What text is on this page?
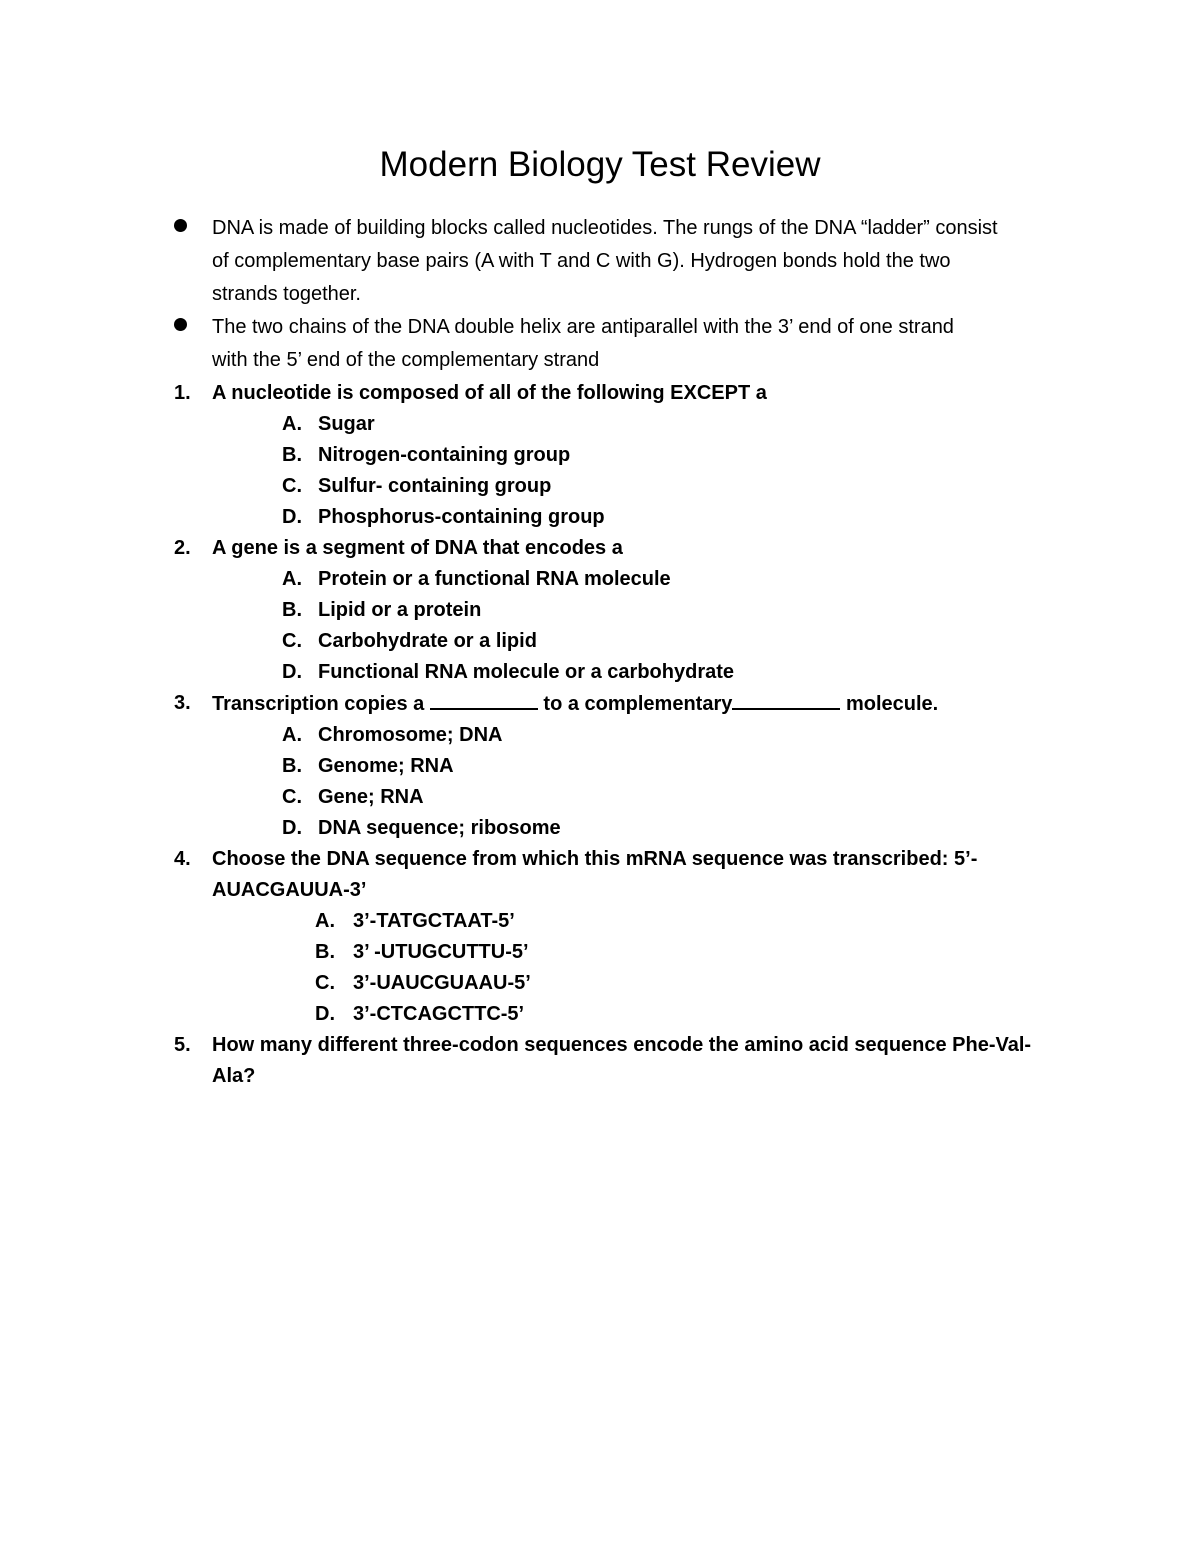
Modern Biology Test Review
DNA is made of building blocks called nucleotides. The rungs of the DNA “ladder” consist
of complementary base pairs (A with T and C with G). Hydrogen bonds hold the two
strands together.
The two chains of the DNA double helix are antiparallel with the 3’ end of one strand
with the 5’ end of the complementary strand
1. A nucleotide is composed of all of the following EXCEPT a
A. Sugar
B. Nitrogen-containing group
C. Sulfur- containing group
D. Phosphorus-containing group
2. A gene is a segment of DNA that encodes a
A. Protein or a functional RNA molecule
B. Lipid or a protein
C. Carbohydrate or a lipid
D. Functional RNA molecule or a carbohydrate
3. Transcription copies a	to a complementary	molecule.
A. Chromosome; DNA
B. Genome; RNA
C. Gene; RNA
D. DNA sequence; ribosome
4. Choose the DNA sequence from which this mRNA sequence was transcribed: 5’-
AUACGAUUA-3’
A. 3’-TATGCTAAT-5’
B. 3’ -UTUGCUTTU-5’
C. 3’-UAUCGUAAU-5’
D. 3’-CTCAGCTTC-5’
5. How many different three-codon sequences encode the amino acid sequence Phe-Val-
Ala?
